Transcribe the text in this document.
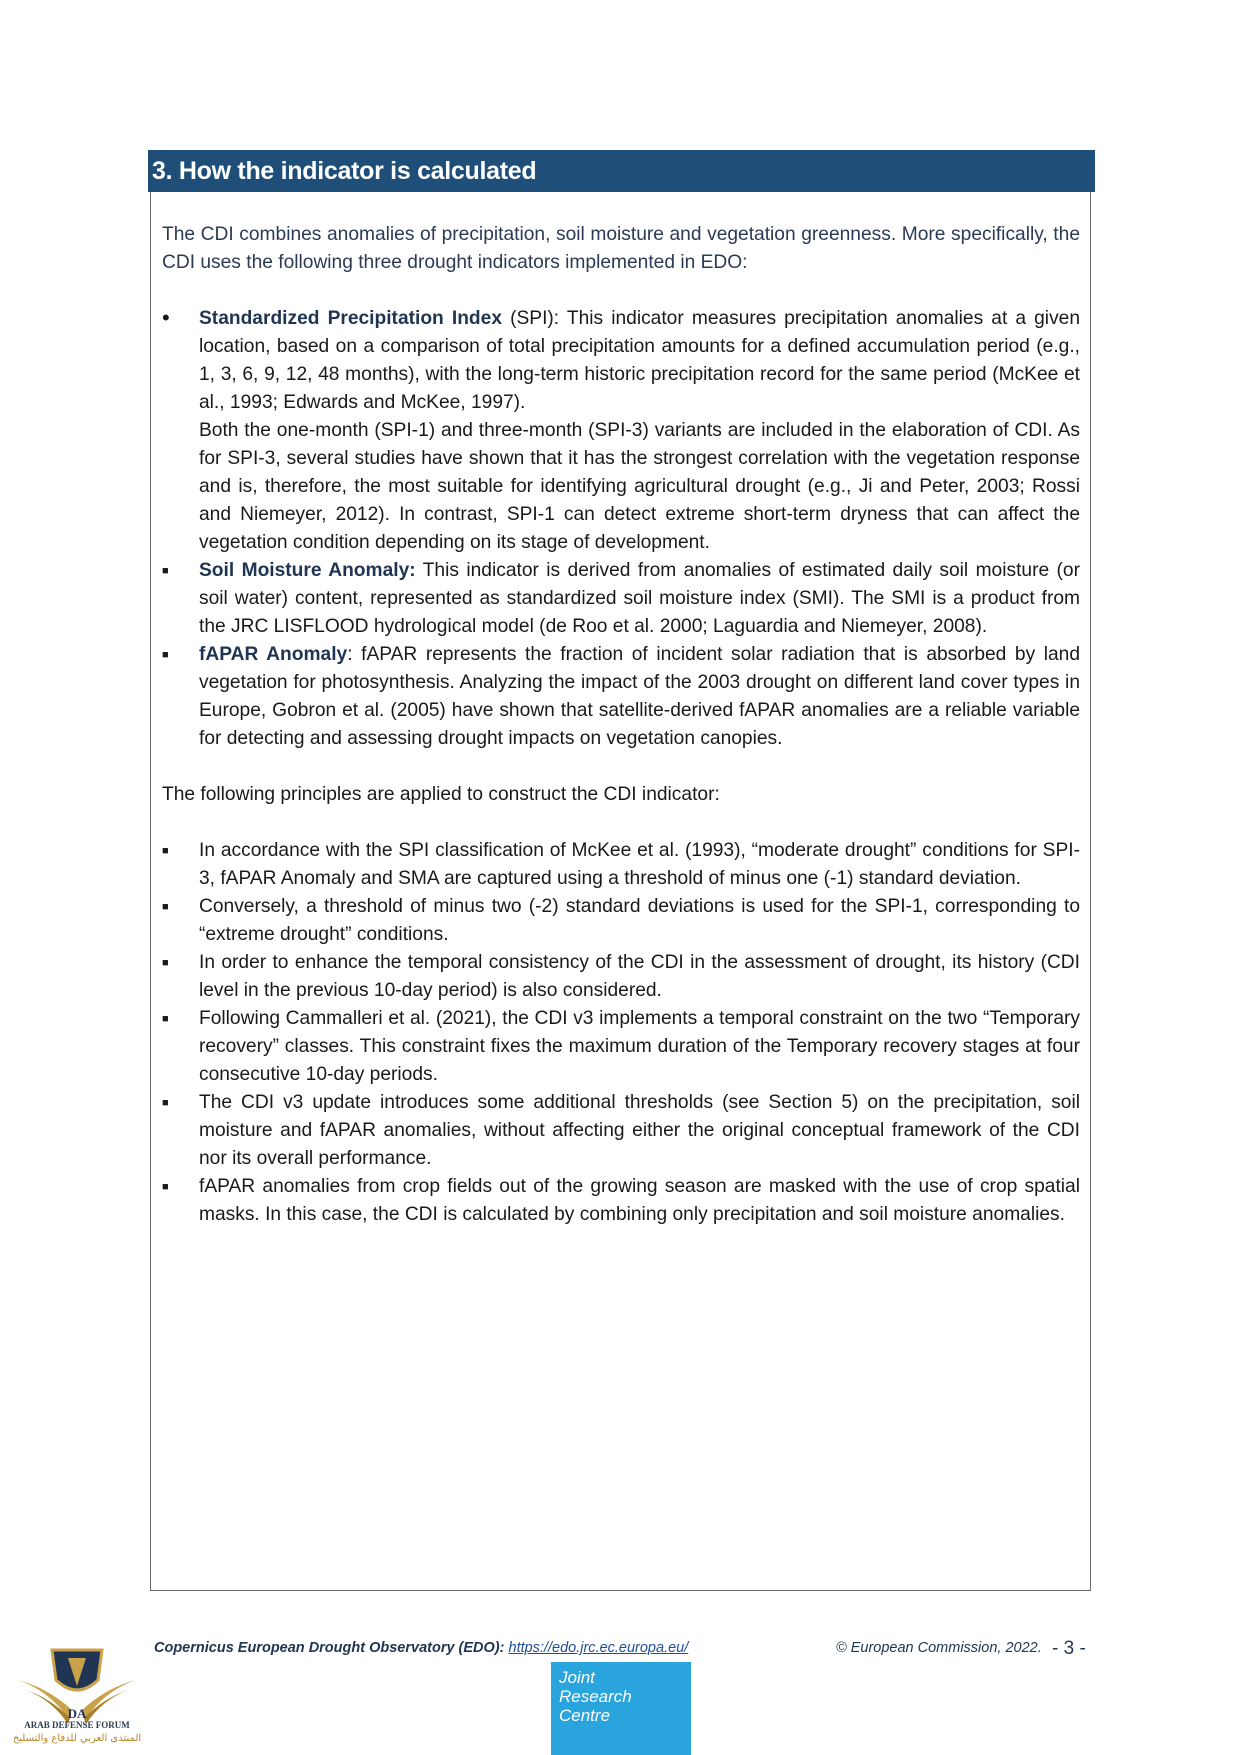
3. How the indicator is calculated

The CDI combines anomalies of precipitation, soil moisture and vegetation greenness. More specifically, the CDI uses the following three drought indicators implemented in EDO:

•	Standardized Precipitation Index (SPI): This indicator measures precipitation anomalies at a given location, based on a comparison of total precipitation amounts for a defined accumulation period (e.g., 1, 3, 6, 9, 12, 48 months), with the long-term historic precipitation record for the same period (McKee et al., 1993; Edwards and McKee, 1997).
Both the one-month (SPI-1) and three-month (SPI-3) variants are included in the elaboration of CDI. As for SPI-3, several studies have shown that it has the strongest correlation with the vegetation response and is, therefore, the most suitable for identifying agricultural drought (e.g., Ji and Peter, 2003; Rossi and Niemeyer, 2012). In contrast, SPI-1 can detect extreme short-term dryness that can affect the vegetation condition depending on its stage of development.
■	Soil Moisture Anomaly: This indicator is derived from anomalies of estimated daily soil moisture (or soil water) content, represented as standardized soil moisture index (SMI). The SMI is a product from the JRC LISFLOOD hydrological model (de Roo et al. 2000; Laguardia and Niemeyer, 2008).
■	fAPAR Anomaly: fAPAR represents the fraction of incident solar radiation that is absorbed by land vegetation for photosynthesis. Analyzing the impact of the 2003 drought on different land cover types in Europe, Gobron et al. (2005) have shown that satellite-derived fAPAR anomalies are a reliable variable for detecting and assessing drought impacts on vegetation canopies.

The following principles are applied to construct the CDI indicator:

■	In accordance with the SPI classification of McKee et al. (1993), “moderate drought” conditions for SPI-3, fAPAR Anomaly and SMA are captured using a threshold of minus one (-1) standard deviation.
■	Conversely, a threshold of minus two (-2) standard deviations is used for the SPI-1, corresponding to “extreme drought” conditions.
■	In order to enhance the temporal consistency of the CDI in the assessment of drought, its history (CDI level in the previous 10-day period) is also considered.
■	Following Cammalleri et al. (2021), the CDI v3 implements a temporal constraint on the two “Temporary recovery” classes. This constraint fixes the maximum duration of the Temporary recovery stages at four consecutive 10-day periods.
■	The CDI v3 update introduces some additional thresholds (see Section 5) on the precipitation, soil moisture and fAPAR anomalies, without affecting either the original conceptual framework of the CDI nor its overall performance.
■	fAPAR anomalies from crop fields out of the growing season are masked with the use of crop spatial masks. In this case, the CDI is calculated by combining only precipitation and soil moisture anomalies.
Copernicus European Drought Observatory (EDO): https://edo.jrc.ec.europa.eu/	© European Commission, 2022. - 3 -
Joint
Research
Centre
DA
ARAB DEFENSE FORUM
المنتدى العربي للدفاع والتسليح
